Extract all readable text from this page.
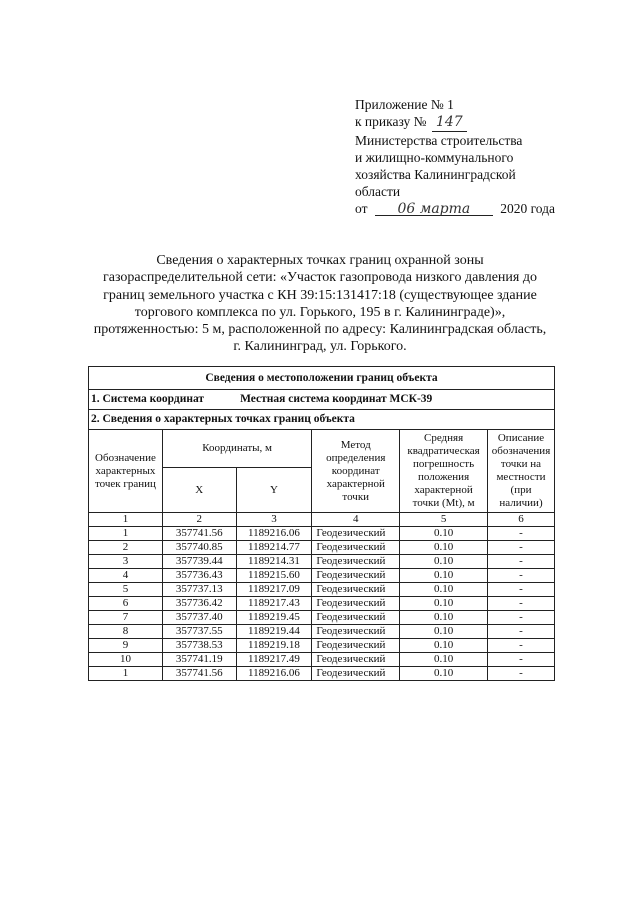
Приложение № 1
к приказу № 147
Министерства строительства
и жилищно-коммунального
хозяйства Калининградской
области
от 06 марта 2020 года
Сведения о характерных точках границ охранной зоны
газораспределительной сети: «Участок газопровода низкого давления до
границ земельного участка с КН 39:15:131417:18 (существующее здание
торгового комплекса по ул. Горького, 195 в г. Калининграде)»,
протяженностью: 5 м, расположенной по адресу: Калининградская область,
г. Калининград, ул. Горького.
Сведения о местоположении границ объекта					
1. Система координат Местная система координат МСК-39					
2. Сведения о характерных точках границ объекта					
Обозначение характерных точек границ	Координаты, м		Метод определения координат характерной точки	Средняя квадратическая погрешность положения характерной точки (Mt), м	Описание обозначения точки на местности (при наличии)
	X	Y			
1	2	3	4	5	6
1	357741.56	1189216.06	Геодезический	0.10	-
2	357740.85	1189214.77	Геодезический	0.10	-
3	357739.44	1189214.31	Геодезический	0.10	-
4	357736.43	1189215.60	Геодезический	0.10	-
5	357737.13	1189217.09	Геодезический	0.10	-
6	357736.42	1189217.43	Геодезический	0.10	-
7	357737.40	1189219.45	Геодезический	0.10	-
8	357737.55	1189219.44	Геодезический	0.10	-
9	357738.53	1189219.18	Геодезический	0.10	-
10	357741.19	1189217.49	Геодезический	0.10	-
1	357741.56	1189216.06	Геодезический	0.10	-
